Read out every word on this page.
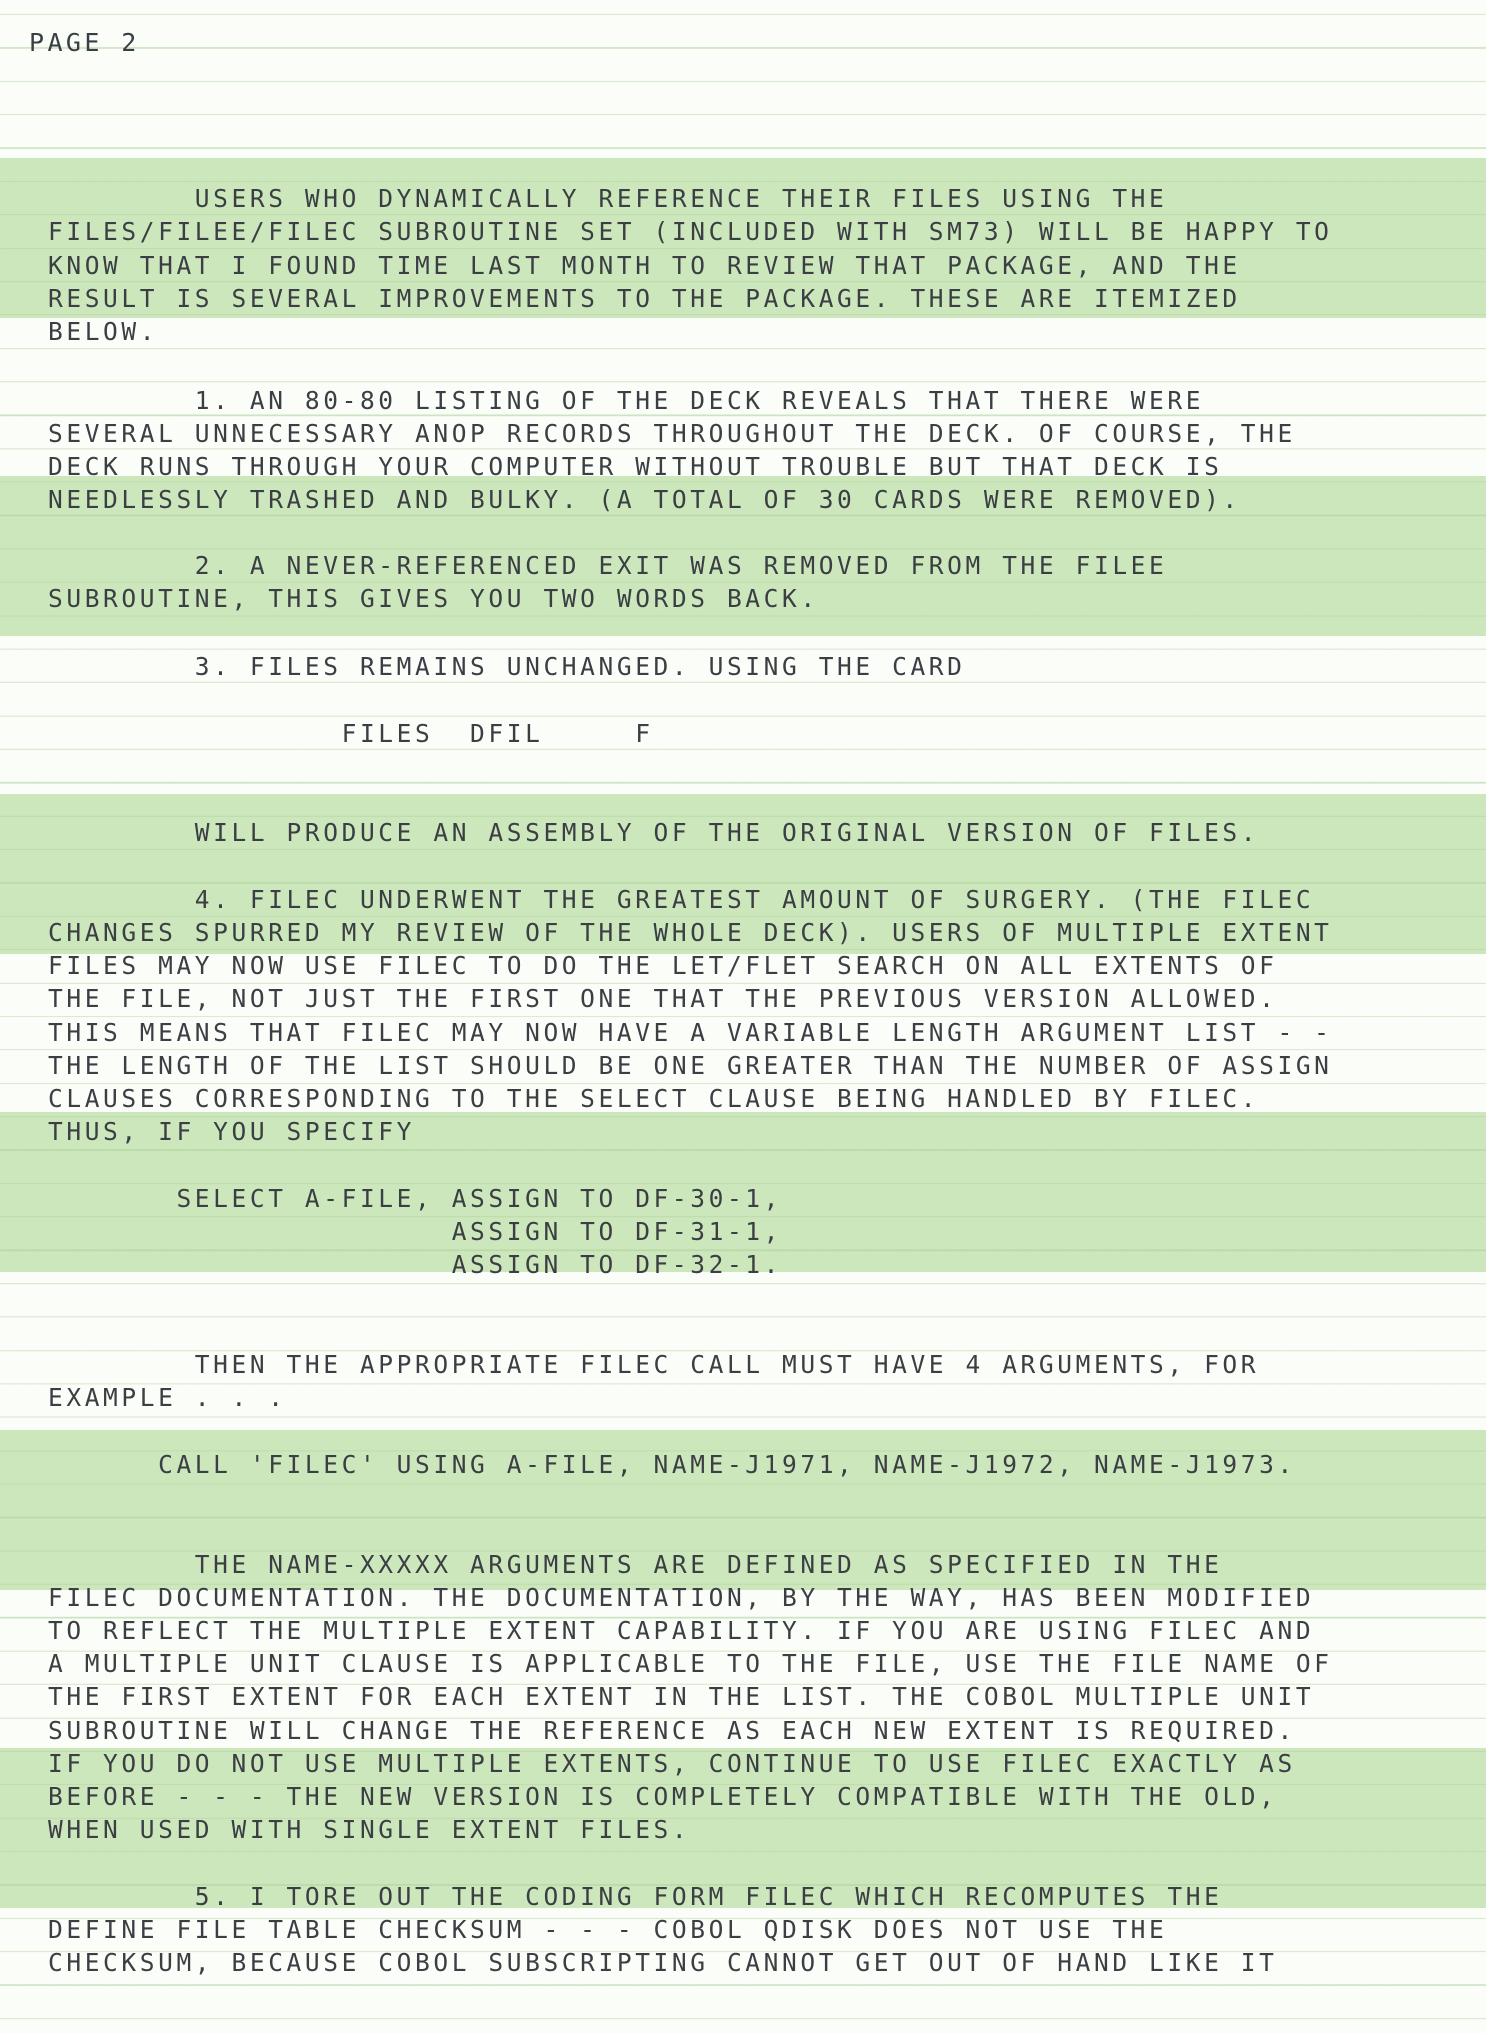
PAGE 2
USERS WHO DYNAMICALLY REFERENCE THEIR FILES USING THE
FILES/FILEE/FILEC SUBROUTINE SET (INCLUDED WITH SM73) WILL BE HAPPY TO
KNOW THAT I FOUND TIME LAST MONTH TO REVIEW THAT PACKAGE, AND THE
RESULT IS SEVERAL IMPROVEMENTS TO THE PACKAGE. THESE ARE ITEMIZED
BELOW.
1. AN 80-80 LISTING OF THE DECK REVEALS THAT THERE WERE
SEVERAL UNNECESSARY ANOP RECORDS THROUGHOUT THE DECK. OF COURSE, THE
DECK RUNS THROUGH YOUR COMPUTER WITHOUT TROUBLE BUT THAT DECK IS
NEEDLESSLY TRASHED AND BULKY. (A TOTAL OF 30 CARDS WERE REMOVED).
2. A NEVER-REFERENCED EXIT WAS REMOVED FROM THE FILEE
SUBROUTINE, THIS GIVES YOU TWO WORDS BACK.
3. FILES REMAINS UNCHANGED. USING THE CARD
FILES  DFIL     F
WILL PRODUCE AN ASSEMBLY OF THE ORIGINAL VERSION OF FILES.
4. FILEC UNDERWENT THE GREATEST AMOUNT OF SURGERY. (THE FILEC
CHANGES SPURRED MY REVIEW OF THE WHOLE DECK). USERS OF MULTIPLE EXTENT
FILES MAY NOW USE FILEC TO DO THE LET/FLET SEARCH ON ALL EXTENTS OF
THE FILE, NOT JUST THE FIRST ONE THAT THE PREVIOUS VERSION ALLOWED.
THIS MEANS THAT FILEC MAY NOW HAVE A VARIABLE LENGTH ARGUMENT LIST - -
THE LENGTH OF THE LIST SHOULD BE ONE GREATER THAN THE NUMBER OF ASSIGN
CLAUSES CORRESPONDING TO THE SELECT CLAUSE BEING HANDLED BY FILEC.
THUS, IF YOU SPECIFY
SELECT A-FILE, ASSIGN TO DF-30-1,
ASSIGN TO DF-31-1,
ASSIGN TO DF-32-1.
THEN THE APPROPRIATE FILEC CALL MUST HAVE 4 ARGUMENTS, FOR
EXAMPLE . . .
CALL 'FILEC' USING A-FILE, NAME-J1971, NAME-J1972, NAME-J1973.
THE NAME-XXXXX ARGUMENTS ARE DEFINED AS SPECIFIED IN THE
FILEC DOCUMENTATION. THE DOCUMENTATION, BY THE WAY, HAS BEEN MODIFIED
TO REFLECT THE MULTIPLE EXTENT CAPABILITY. IF YOU ARE USING FILEC AND
A MULTIPLE UNIT CLAUSE IS APPLICABLE TO THE FILE, USE THE FILE NAME OF
THE FIRST EXTENT FOR EACH EXTENT IN THE LIST. THE COBOL MULTIPLE UNIT
SUBROUTINE WILL CHANGE THE REFERENCE AS EACH NEW EXTENT IS REQUIRED.
IF YOU DO NOT USE MULTIPLE EXTENTS, CONTINUE TO USE FILEC EXACTLY AS
BEFORE - - - THE NEW VERSION IS COMPLETELY COMPATIBLE WITH THE OLD,
WHEN USED WITH SINGLE EXTENT FILES.
5. I TORE OUT THE CODING FORM FILEC WHICH RECOMPUTES THE
DEFINE FILE TABLE CHECKSUM - - - COBOL QDISK DOES NOT USE THE
CHECKSUM, BECAUSE COBOL SUBSCRIPTING CANNOT GET OUT OF HAND LIKE IT
